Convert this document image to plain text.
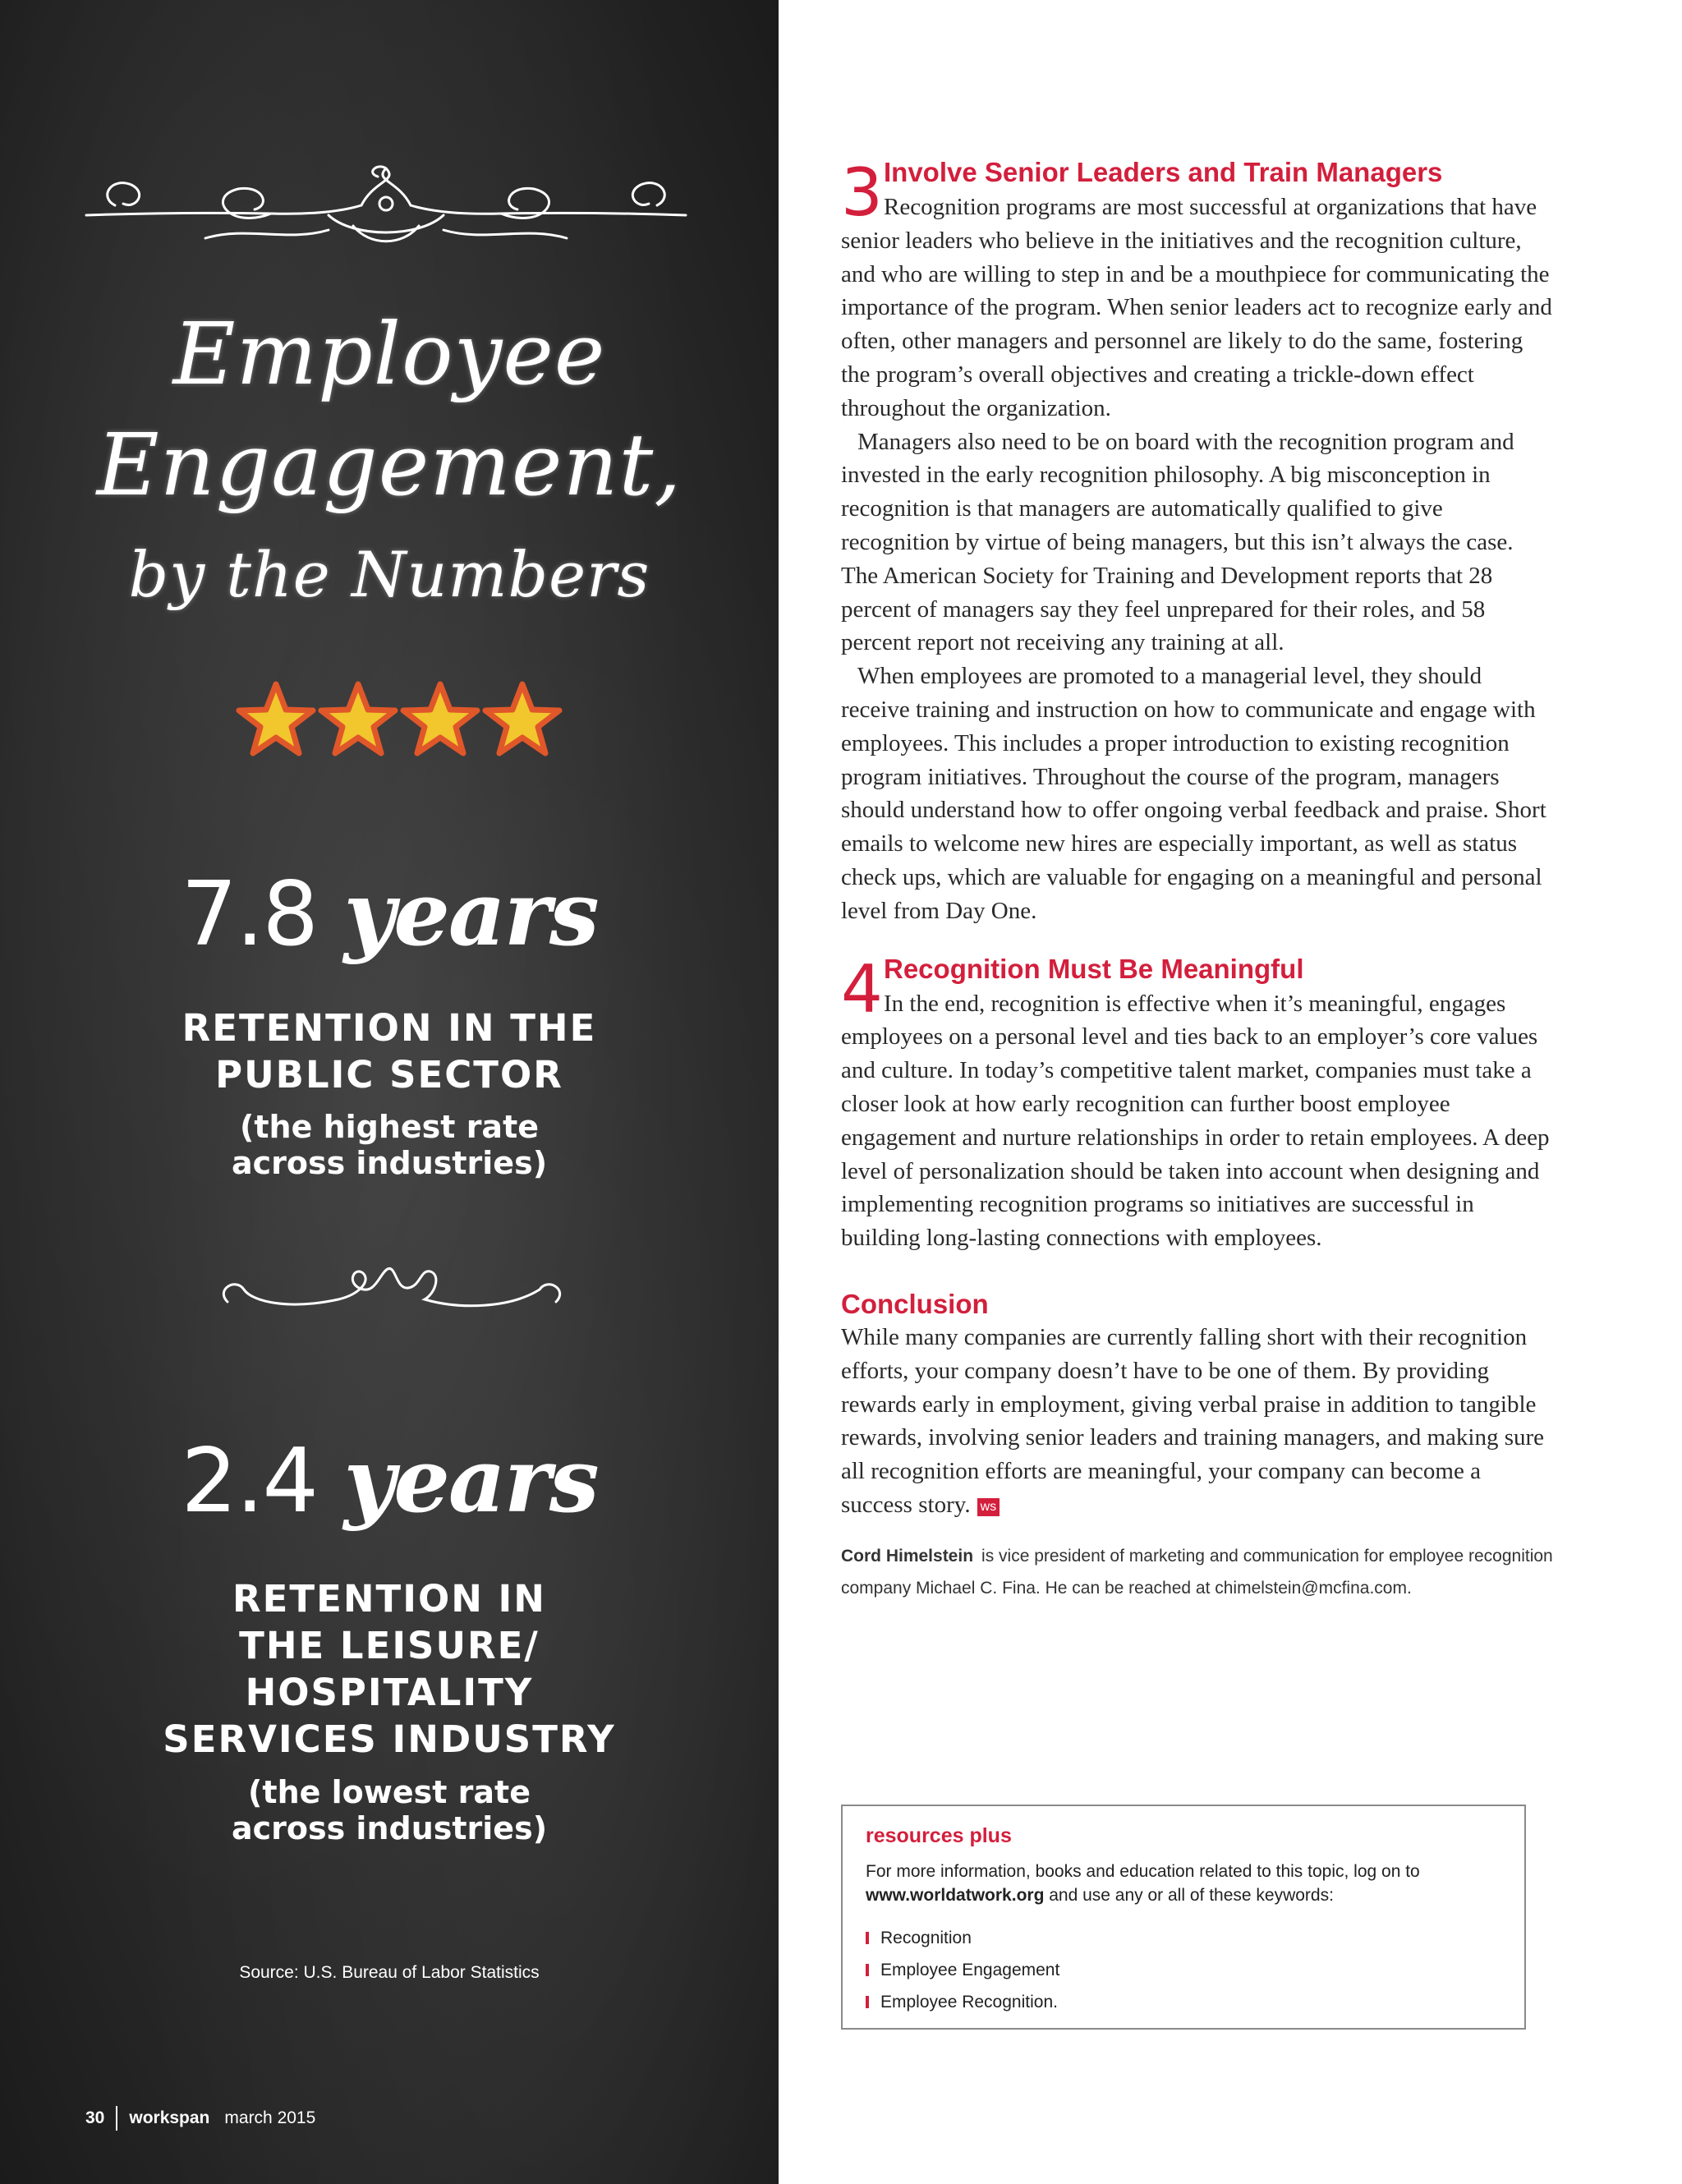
Employee
Engagement,
by the Numbers
7.8 years
RETENTION IN THE
PUBLIC SECTOR
(the highest rate
across industries)
2.4 years
RETENTION IN
THE LEISURE/
HOSPITALITY
SERVICES INDUSTRY
(the lowest rate
across industries)
Source: U.S. Bureau of Labor Statistics
30 workspan march 2015
3 Involve Senior Leaders and Train Managers

Recognition programs are most successful at organizations that have senior leaders who believe in the initiatives and the recognition culture, and who are willing to step in and be a mouthpiece for communicating the importance of the program. When senior leaders act to recognize early and often, other managers and personnel are likely to do the same, fostering the program’s overall objectives and creating a trickle-down effect throughout the organization.

Managers also need to be on board with the recognition program and invested in the early recognition philosophy. A big misconception in recognition is that managers are automatically qualified to give recognition by virtue of being managers, but this isn’t always the case. The American Society for Training and Development reports that 28 percent of managers say they feel unprepared for their roles, and 58 percent report not receiving any training at all.

When employees are promoted to a managerial level, they should receive training and instruction on how to communicate and engage with employees. This includes a proper introduction to existing recognition program initiatives. Throughout the course of the program, managers should understand how to offer ongoing verbal feedback and praise. Short emails to welcome new hires are especially important, as well as status check ups, which are valuable for engaging on a meaningful and personal level from Day One.

4 Recognition Must Be Meaningful

In the end, recognition is effective when it’s meaningful, engages employees on a personal level and ties back to an employer’s core values and culture. In today’s competitive talent market, companies must take a closer look at how early recognition can further boost employee engagement and nurture relationships in order to retain employees. A deep level of personalization should be taken into account when designing and implementing recognition programs so initiatives are successful in building long-lasting connections with employees.

Conclusion

While many companies are currently falling short with their recognition efforts, your company doesn’t have to be one of them. By providing rewards early in employment, giving verbal praise in addition to tangible rewards, involving senior leaders and training managers, and making sure all recognition efforts are meaningful, your company can become a success story. ws

Cord Himelstein is vice president of marketing and communication for employee recognition company Michael C. Fina. He can be reached at chimelstein@mcfina.com.

resources plus

For more information, books and education related to this topic, log on to www.worldatwork.org and use any or all of these keywords:

Recognition
Employee Engagement
Employee Recognition.
